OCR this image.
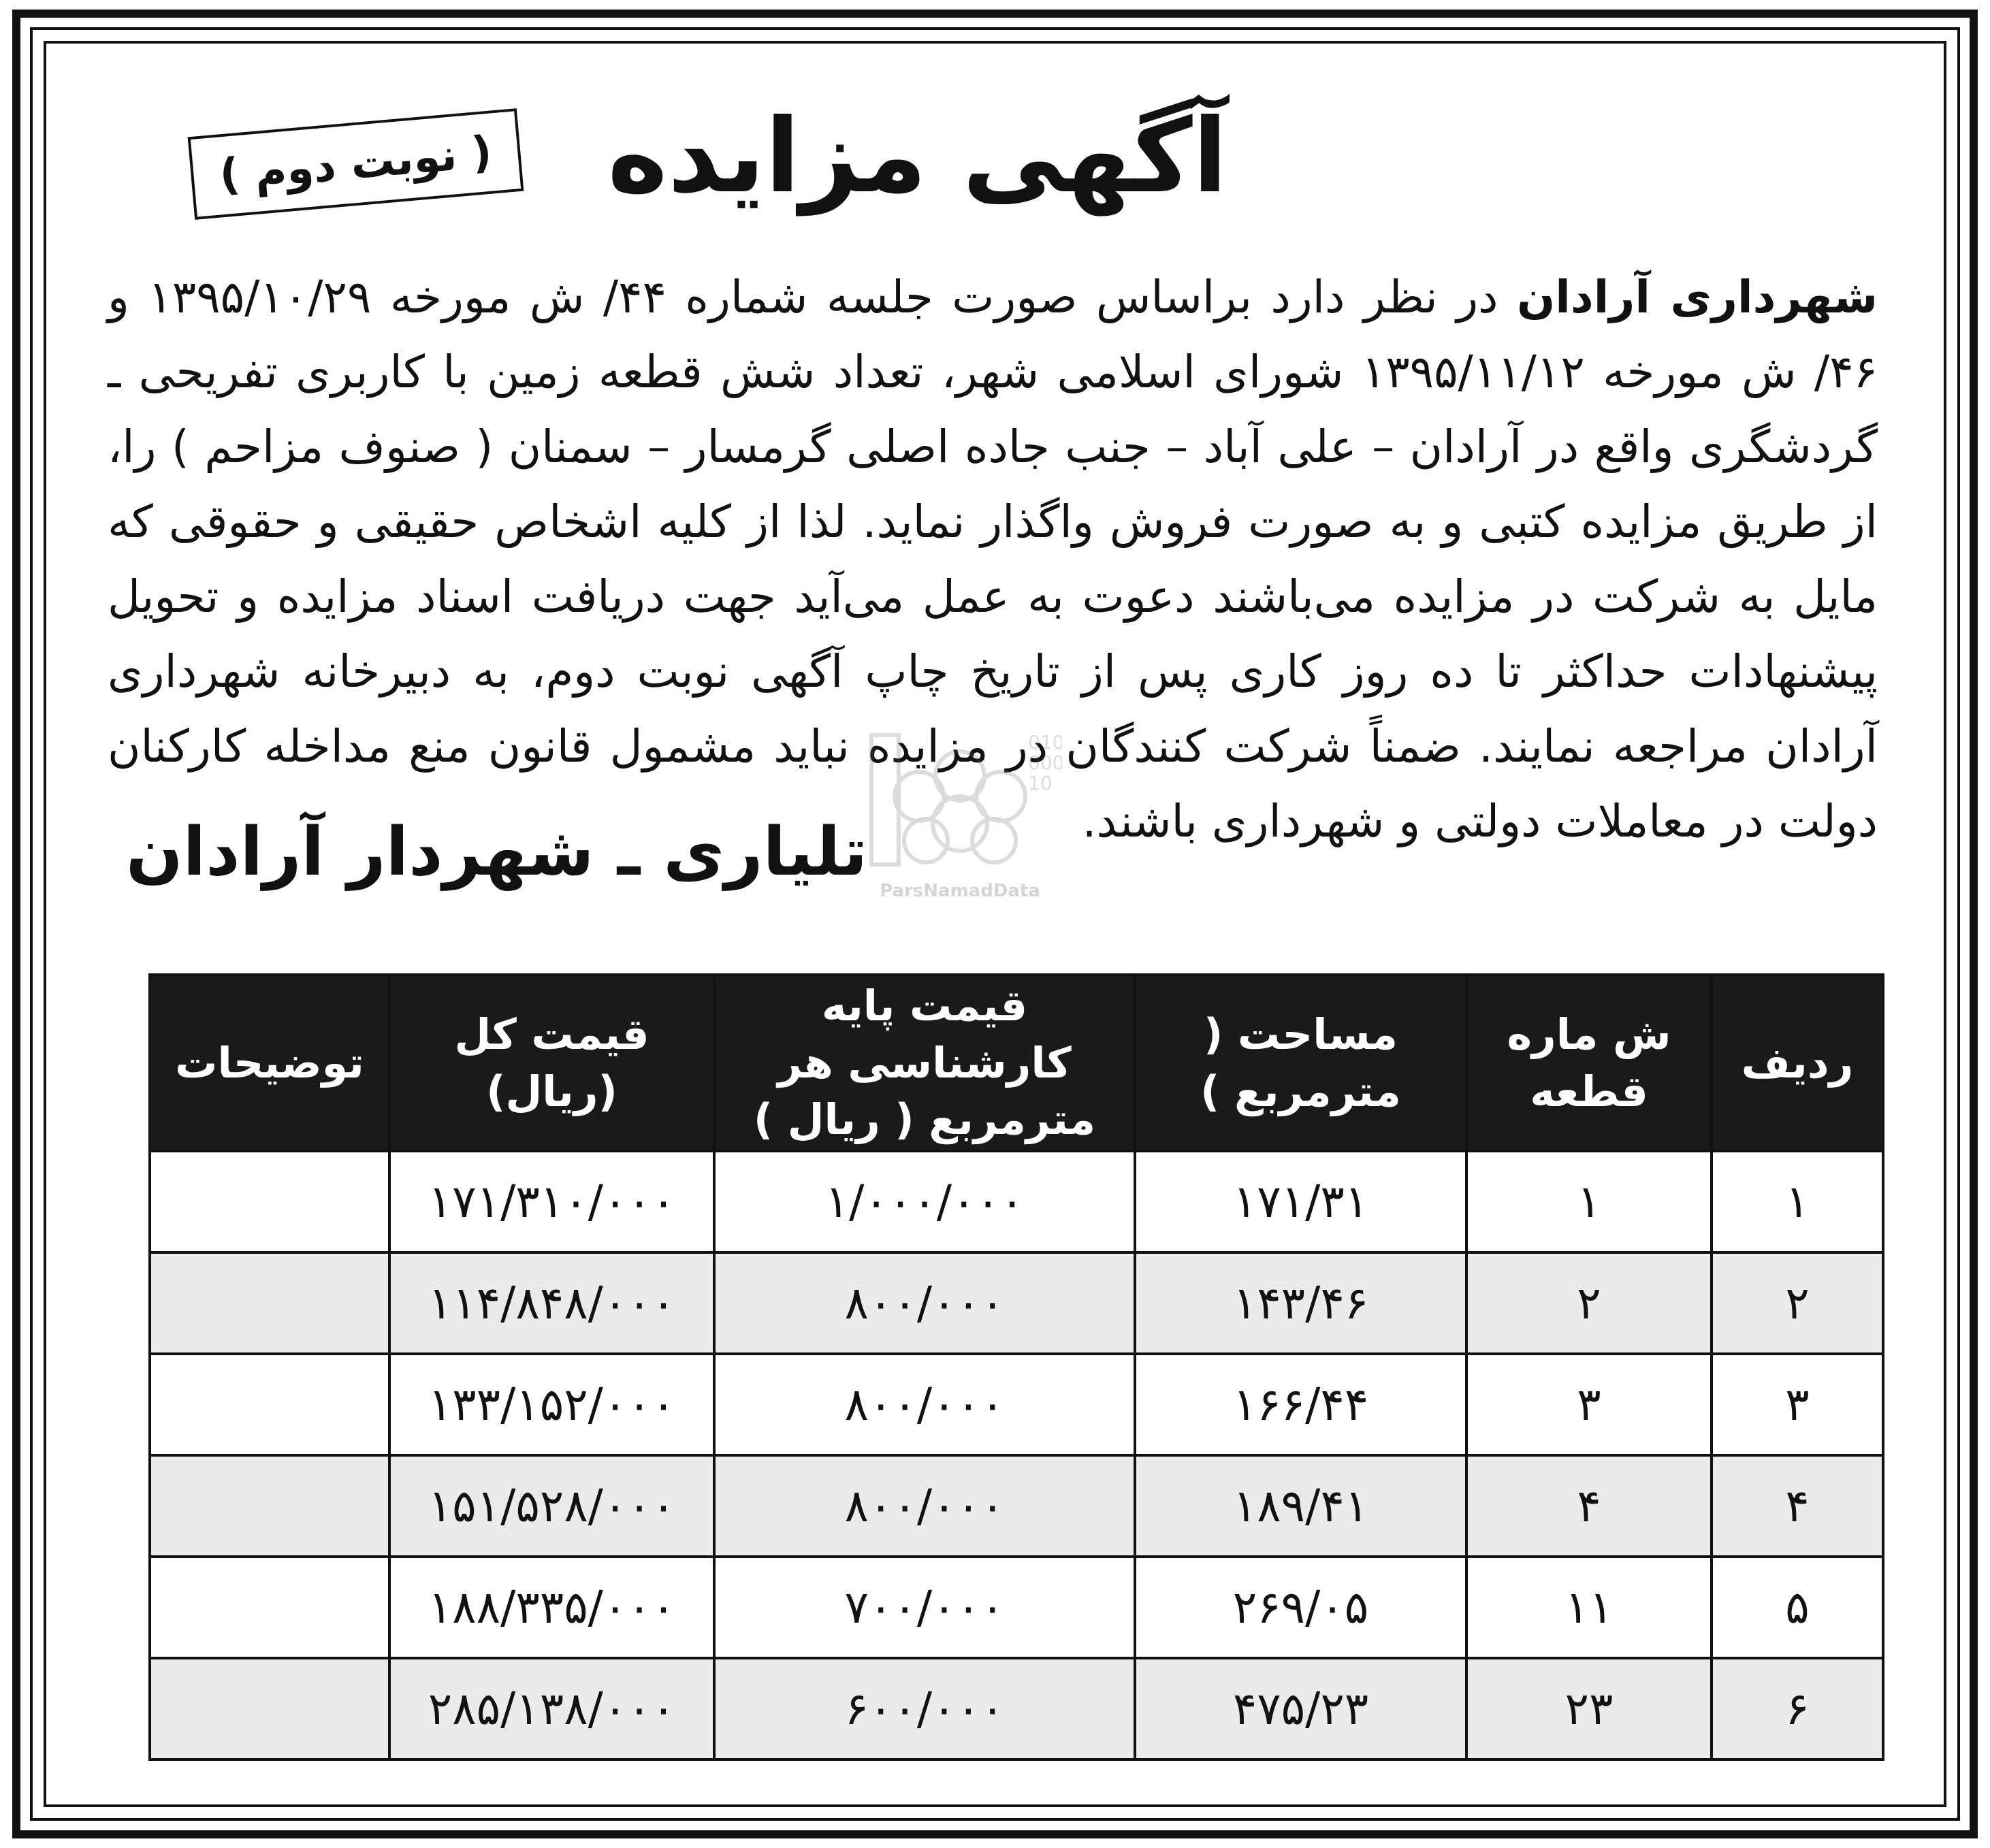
آگهی مزایده
( نوبت دوم )

شهرداری آرادان در نظر دارد براساس صورت جلسه شماره ۴۴/ ش مورخه ۱۳۹۵/۱۰/۲۹ و ۴۶/ ش مورخه ۱۳۹۵/۱۱/۱۲ شورای اسلامی شهر، تعداد شش قطعه زمین با کاربری تفریحی ـ گردشگری واقع در آرادان – علی آباد – جنب جاده اصلی گرمسار – سمنان ( صنوف مزاحم ) را، از طریق مزایده کتبی و به صورت فروش واگذار نماید. لذا از کلیه اشخاص حقیقی و حقوقی که مایل به شرکت در مزایده می‌باشند دعوت به عمل می‌آید جهت دریافت اسناد مزایده و تحویل پیشنهادات حداکثر تا ده روز کاری پس از تاریخ چاپ آگهی نوبت دوم، به دبیرخانه شهرداری آرادان مراجعه نمایند. ضمناً شرکت کنندگان در مزایده نباید مشمول قانون منع مداخله کارکنان دولت در معاملات دولتی و شهرداری باشند.

تلیاری ـ شهردار آرادان

010
000
10
ParsNamadData
ردیف	ش ماره قطعه	مساحت ( مترمربع )	قیمت پایه کارشناسی هر مترمربع ( ریال )	قیمت کل (ریال)	توضیحات
۱	۱	۱۷۱/۳۱	۱/۰۰۰/۰۰۰	۱۷۱/۳۱۰/۰۰۰	
۲	۲	۱۴۳/۴۶	۸۰۰/۰۰۰	۱۱۴/۸۴۸/۰۰۰	
۳	۳	۱۶۶/۴۴	۸۰۰/۰۰۰	۱۳۳/۱۵۲/۰۰۰	
۴	۴	۱۸۹/۴۱	۸۰۰/۰۰۰	۱۵۱/۵۲۸/۰۰۰	
۵	۱۱	۲۶۹/۰۵	۷۰۰/۰۰۰	۱۸۸/۳۳۵/۰۰۰	
۶	۲۳	۴۷۵/۲۳	۶۰۰/۰۰۰	۲۸۵/۱۳۸/۰۰۰	
